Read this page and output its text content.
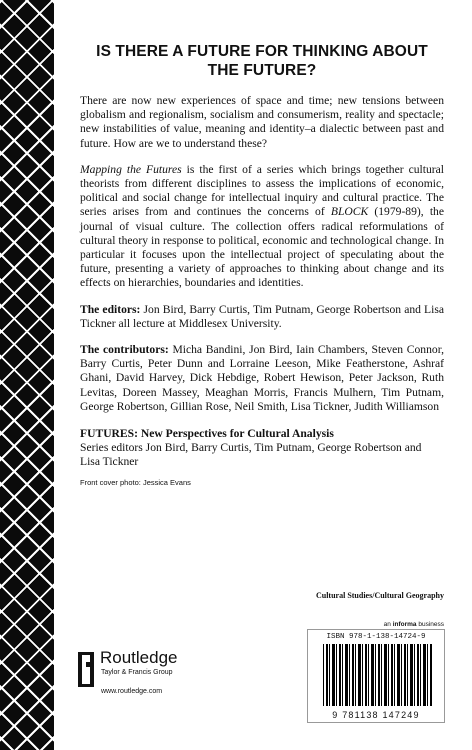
IS THERE A FUTURE FOR THINKING ABOUT
THE FUTURE?

There are now new experiences of space and time; new tensions between globalism and regionalism, socialism and consumerism, reality and spectacle; new instabilities of value, meaning and identity–a dialectic between past and future. How are we to understand these?

Mapping the Futures is the first of a series which brings together cultural theorists from different disciplines to assess the implications of economic, political and social change for intellectual inquiry and cultural practice. The series arises from and continues the concerns of BLOCK (1979-89), the journal of visual culture. The collection offers radical reformulations of cultural theory in response to political, economic and technological change. In particular it focuses upon the intellectual project of speculating about the future, presenting a variety of approaches to thinking about change and its effects on hierarchies, boundaries and identities.

The editors: Jon Bird, Barry Curtis, Tim Putnam, George Robertson and Lisa Tickner all lecture at Middlesex University.

The contributors: Micha Bandini, Jon Bird, Iain Chambers, Steven Connor, Barry Curtis, Peter Dunn and Lorraine Leeson, Mike Featherstone, Ashraf Ghani, David Harvey, Dick Hebdige, Robert Hewison, Peter Jackson, Ruth Levitas, Doreen Massey, Meaghan Morris, Francis Mulhern, Tim Putnam, George Robertson, Gillian Rose, Neil Smith, Lisa Tickner, Judith Williamson

FUTURES: New Perspectives for Cultural Analysis

Series editors Jon Bird, Barry Curtis, Tim Putnam, George Robertson and Lisa Tickner

Front cover photo: Jessica Evans
Cultural Studies/Cultural Geography
an informa business
ISBN 978-1-138-14724-9
9 781138 147249
Routledge
Taylor & Francis Group
www.routledge.com
